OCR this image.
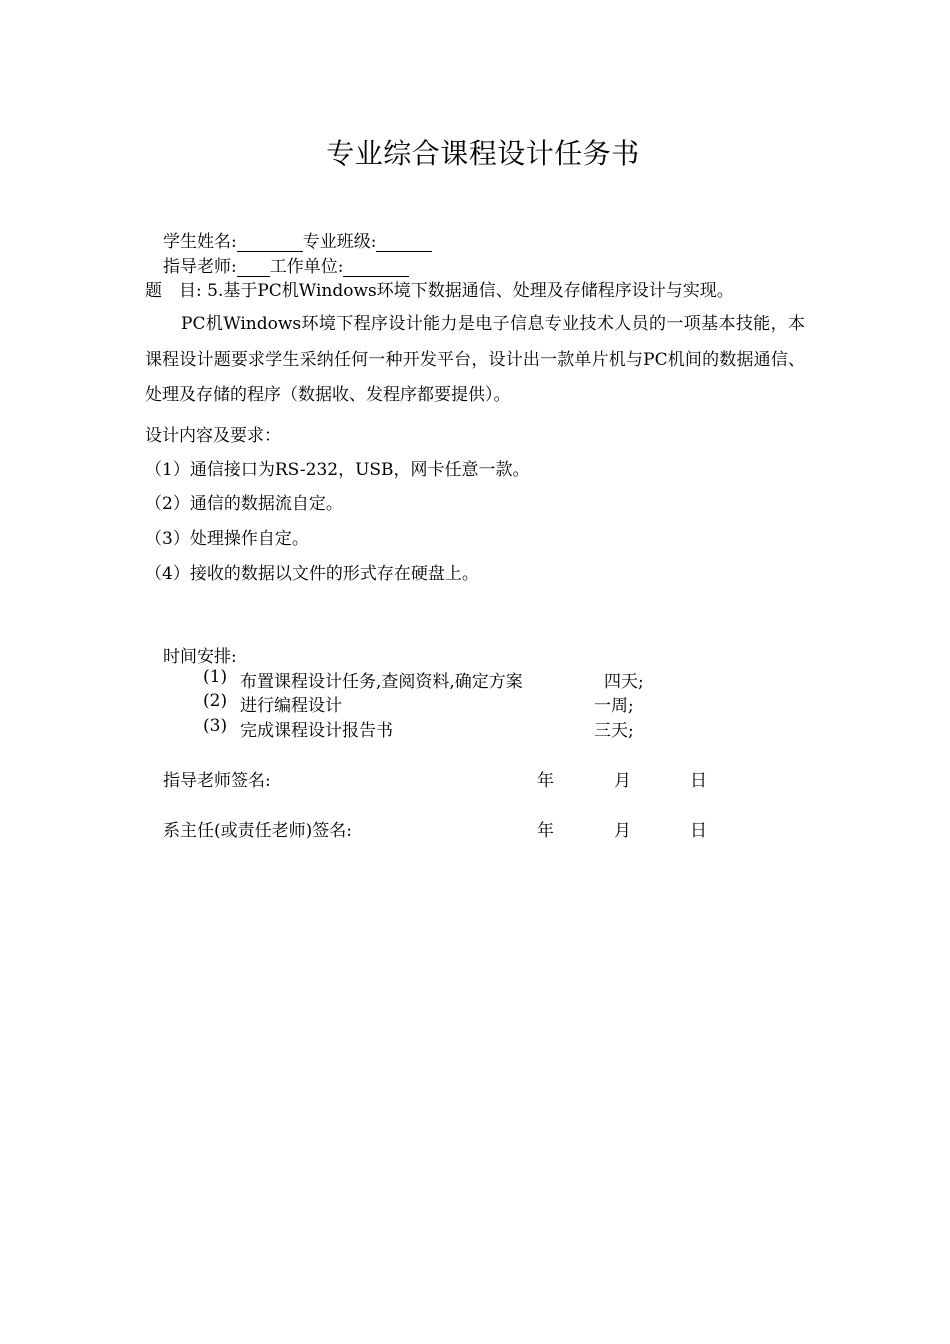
专业综合课程设计任务书
学生姓名:	专业班级:
指导老师: 工作单位:
题　目: 5.基于PC机Windows环境下数据通信、处理及存储程序设计与实现。
PC机Windows环境下程序设计能力是电子信息专业技术人员的一项基本技能，本课程设计题要求学生采纳任何一种开发平台，设计出一款单片机与PC机间的数据通信、处理及存储的程序（数据收、发程序都要提供）。
设计内容及要求：
（1）通信接口为RS-232，USB，网卡任意一款。
（2）通信的数据流自定。
（3）处理操作自定。
（4）接收的数据以文件的形式存在硬盘上。
时间安排:
(1) 布置课程设计任务,查阅资料,确定方案	四天;
(2) 进行编程设计	一周;
(3) 完成课程设计报告书	三天;
指导老师签名:	年	月	日
系主任(或责任老师)签名:	年	月	日
